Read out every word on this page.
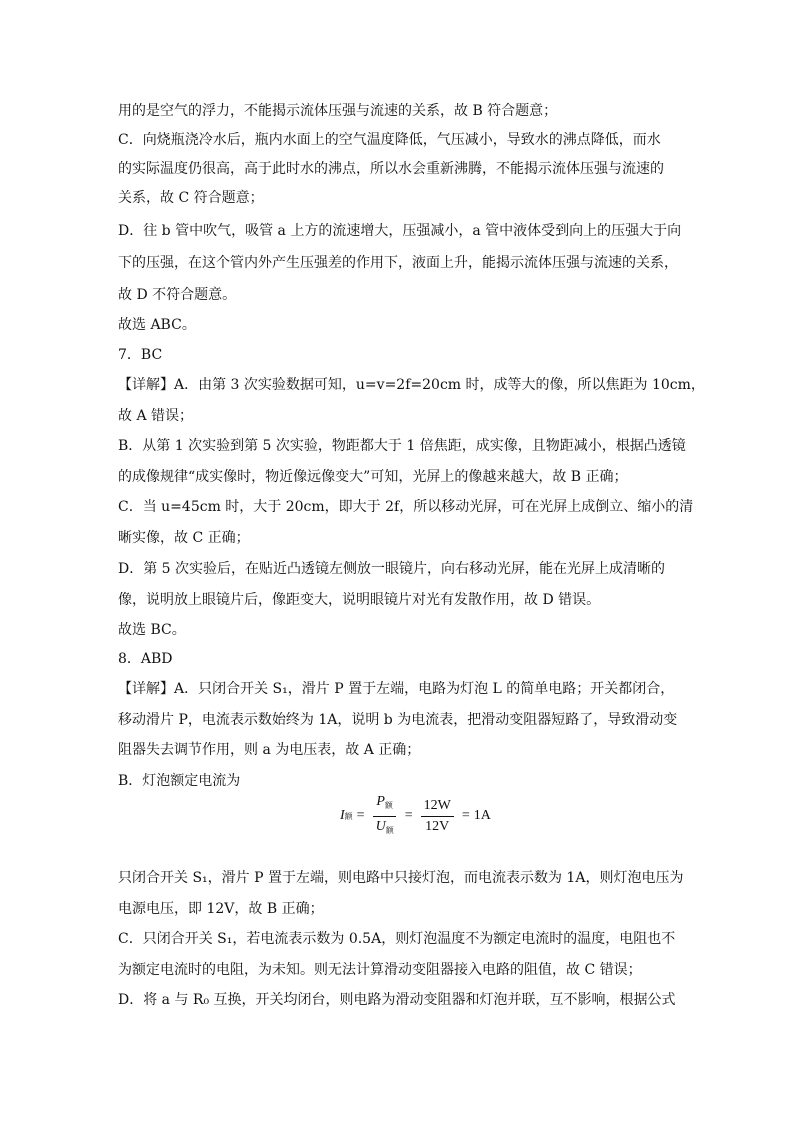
用的是空气的浮力，不能揭示流体压强与流速的关系，故 B 符合题意；
C．向烧瓶浇冷水后，瓶内水面上的空气温度降低，气压减小，导致水的沸点降低，而水
的实际温度仍很高，高于此时水的沸点，所以水会重新沸腾，不能揭示流体压强与流速的
关系，故 C 符合题意；
D．往 b 管中吹气，吸管 a 上方的流速增大，压强减小，a 管中液体受到向上的压强大于向
下的压强，在这个管内外产生压强差的作用下，液面上升，能揭示流体压强与流速的关系，
故 D 不符合题意。
故选 ABC。
7．BC
【详解】A．由第 3 次实验数据可知，u=v=2f=20cm 时，成等大的像，所以焦距为 10cm，
故 A 错误；
B．从第 1 次实验到第 5 次实验，物距都大于 1 倍焦距，成实像，且物距减小，根据凸透镜
的成像规律“成实像时，物近像远像变大”可知，光屏上的像越来越大，故 B 正确；
C．当 u=45cm 时，大于 20cm，即大于 2f，所以移动光屏，可在光屏上成倒立、缩小的清
晰实像，故 C 正确；
D．第 5 次实验后，在贴近凸透镜左侧放一眼镜片，向右移动光屏，能在光屏上成清晰的
像，说明放上眼镜片后，像距变大，说明眼镜片对光有发散作用，故 D 错误。
故选 BC。
8．ABD
【详解】A．只闭合开关 S₁，滑片 P 置于左端，电路为灯泡 L 的简单电路；开关都闭合，
移动滑片 P，电流表示数始终为 1A，说明 b 为电流表，把滑动变阻器短路了，导致滑动变
阻器失去调节作用，则 a 为电压表，故 A 正确；
B．灯泡额定电流为
I 额 = $\frac{P_额}{U_额} = \frac{12W}{12V} = 1A$
只闭合开关 S₁，滑片 P 置于左端，则电路中只接灯泡，而电流表示数为 1A，则灯泡电压为
电源电压，即 12V，故 B 正确；
C．只闭合开关 S₁，若电流表示数为 0.5A，则灯泡温度不为额定电流时的温度，电阻也不
为额定电流时的电阻，为未知。则无法计算滑动变阻器接入电路的阻值，故 C 错误；
D．将 a 与 R₀ 互换，开关均闭台，则电路为滑动变阻器和灯泡并联，互不影响，根据公式
